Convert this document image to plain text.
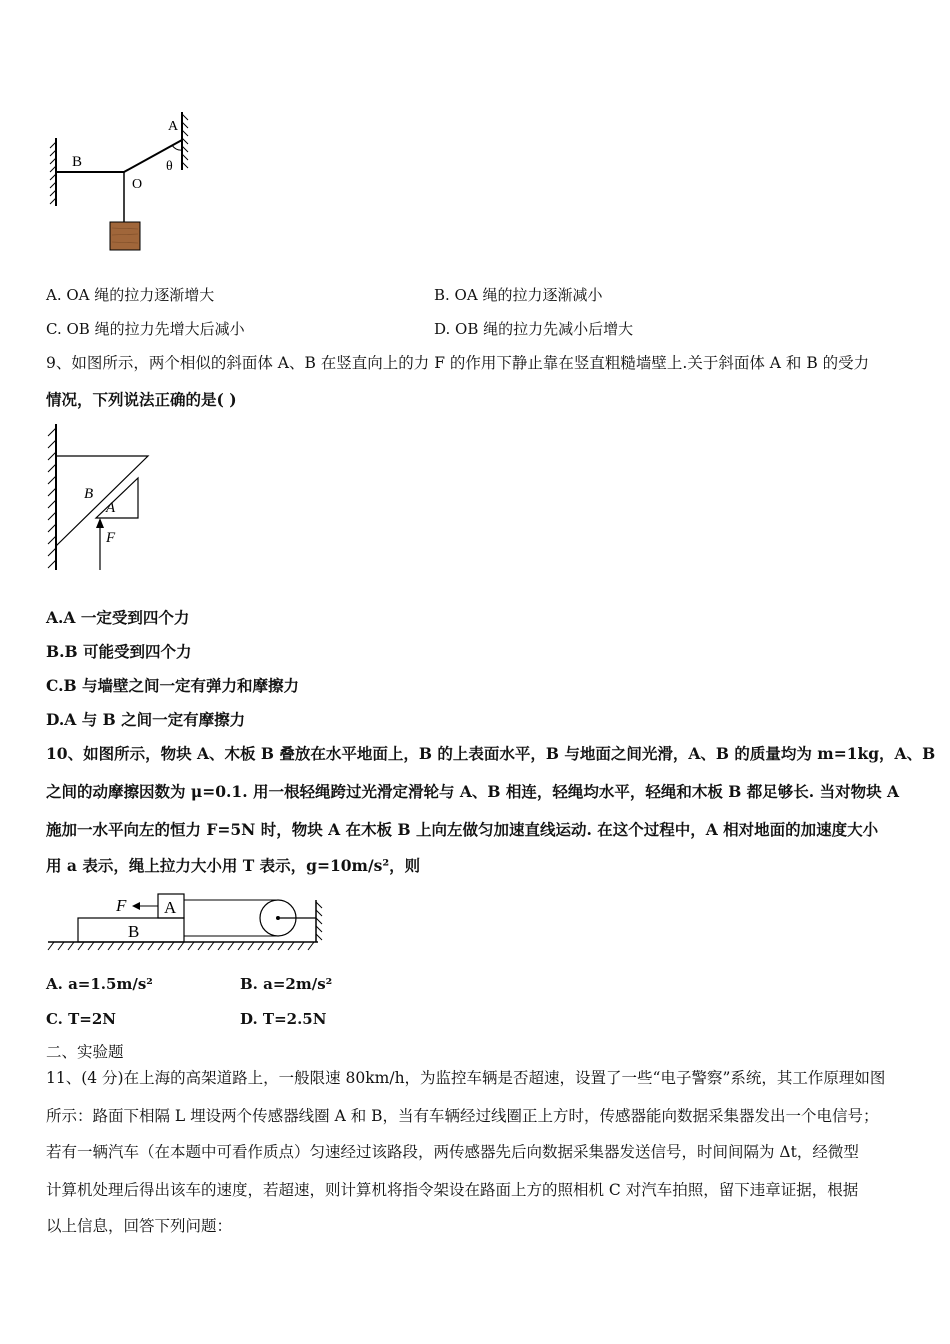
B
O
A
θ
A. OA 绳的拉力逐渐增大	B. OA 绳的拉力逐渐减小
C. OB 绳的拉力先增大后减小	D. OB 绳的拉力先减小后增大
9、如图所示，两个相似的斜面体 A、B 在竖直向上的力 F 的作用下静止靠在竖直粗糙墙壁上.关于斜面体 A 和 B 的受力
情况，下列说法正确的是( )
B
A
F
A.A 一定受到四个力
B.B 可能受到四个力
C.B 与墙壁之间一定有弹力和摩擦力
D.A 与 B 之间一定有摩擦力
10、如图所示，物块 A、木板 B 叠放在水平地面上，B 的上表面水平，B 与地面之间光滑，A、B 的质量均为 m=1kg，A、B
之间的动摩擦因数为 μ=0.1. 用一根轻绳跨过光滑定滑轮与 A、B 相连，轻绳均水平，轻绳和木板 B 都足够长. 当对物块 A
施加一水平向左的恒力 F=5N 时，物块 A 在木板 B 上向左做匀加速直线运动. 在这个过程中，A 相对地面的加速度大小
用 a 表示，绳上拉力大小用 T 表示，g=10m/s²，则
F A
B
A. a=1.5m/s²	B. a=2m/s²
C. T=2N	D. T=2.5N
二、实验题
11、(4 分)在上海的高架道路上，一般限速 80km/h，为监控车辆是否超速，设置了一些“电子警察”系统，其工作原理如图
所示：路面下相隔 L 埋设两个传感器线圈 A 和 B，当有车辆经过线圈正上方时，传感器能向数据采集器发出一个电信号；
若有一辆汽车（在本题中可看作质点）匀速经过该路段，两传感器先后向数据采集器发送信号，时间间隔为 Δt，经微型
计算机处理后得出该车的速度，若超速，则计算机将指令架设在路面上方的照相机 C 对汽车拍照，留下违章证据，根据
以上信息，回答下列问题：
